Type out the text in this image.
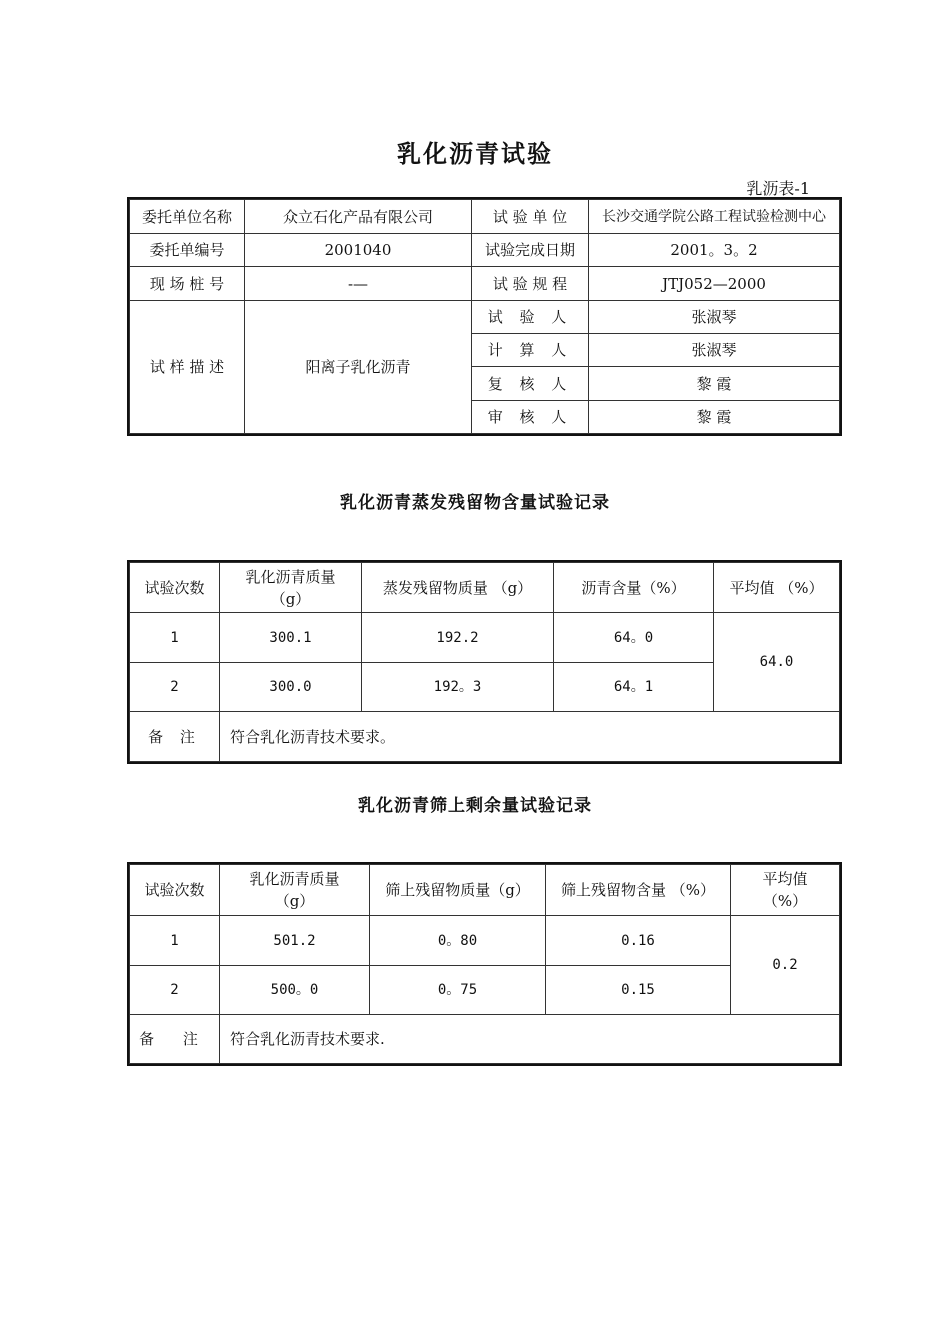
乳化沥青试验
乳沥表-1
委托单位名称	众立石化产品有限公司	试 验 单 位	长沙交通学院公路工程试验检测中心
委托单编号	2001040	试验完成日期	2001。3。2
现 场 桩 号	-—	试 验 规 程	JTJ052—2000
试 样 描 述	阳离子乳化沥青	试 验 人	张淑琴
		计 算 人	张淑琴
		复 核 人	黎 霞
		审 核 人	黎 霞
乳化沥青蒸发残留物含量试验记录
试验次数	乳化沥青质量（g）	蒸发残留物质量 （g）	沥青含量（%）	平均值 （%）
1	300.1	192.2	64。0	64.0
2	300.0	192。3	64。1	
备 注	符合乳化沥青技术要求。			
乳化沥青筛上剩余量试验记录
试验次数	乳化沥青质量（g）	筛上残留物质量（g）	筛上残留物含量 （%）	平均值（%）
1	501.2	0。80	0.16	0.2
2	500。0	0。75	0.15	
备 注	符合乳化沥青技术要求.			
